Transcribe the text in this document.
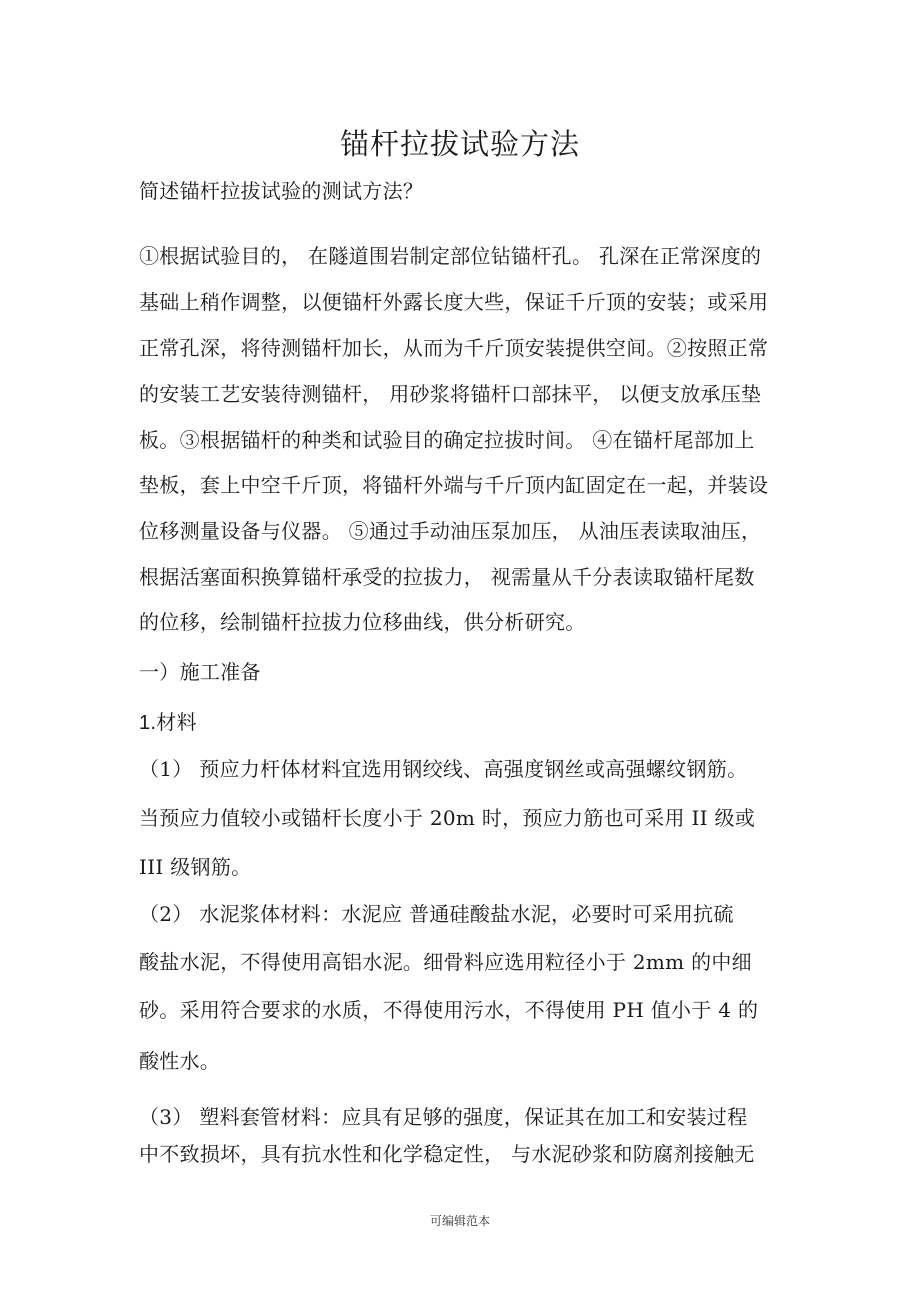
锚杆拉拔试验方法
简述锚杆拉拔试验的测试方法？
①根据试验目的， 在隧道围岩制定部位钻锚杆孔。 孔深在正常深度的
基础上稍作调整，以便锚杆外露长度大些，保证千斤顶的安装；或采用
正常孔深，将待测锚杆加长，从而为千斤顶安装提供空间。②按照正常
的安装工艺安装待测锚杆， 用砂浆将锚杆口部抹平， 以便支放承压垫
板。③根据锚杆的种类和试验目的确定拉拔时间。 ④在锚杆尾部加上
垫板，套上中空千斤顶，将锚杆外端与千斤顶内缸固定在一起，并装设
位移测量设备与仪器。 ⑤通过手动油压泵加压， 从油压表读取油压，
根据活塞面积换算锚杆承受的拉拔力， 视需量从千分表读取锚杆尾数
的位移，绘制锚杆拉拔力位移曲线，供分析研究。
一）施工准备
1.材料
（1） 预应力杆体材料宜选用钢绞线、高强度钢丝或高强螺纹钢筋。
当预应力值较小或锚杆长度小于 20m 时，预应力筋也可采用 II 级或
III 级钢筋。
（2） 水泥浆体材料：水泥应 普通硅酸盐水泥，必要时可采用抗硫
酸盐水泥，不得使用高铝水泥。细骨料应选用粒径小于 2mm 的中细
砂。采用符合要求的水质，不得使用污水，不得使用 PH 值小于 4 的
酸性水。
（3） 塑料套管材料：应具有足够的强度，保证其在加工和安装过程
中不致损坏，具有抗水性和化学稳定性， 与水泥砂浆和防腐剂接触无
可编辑范本
